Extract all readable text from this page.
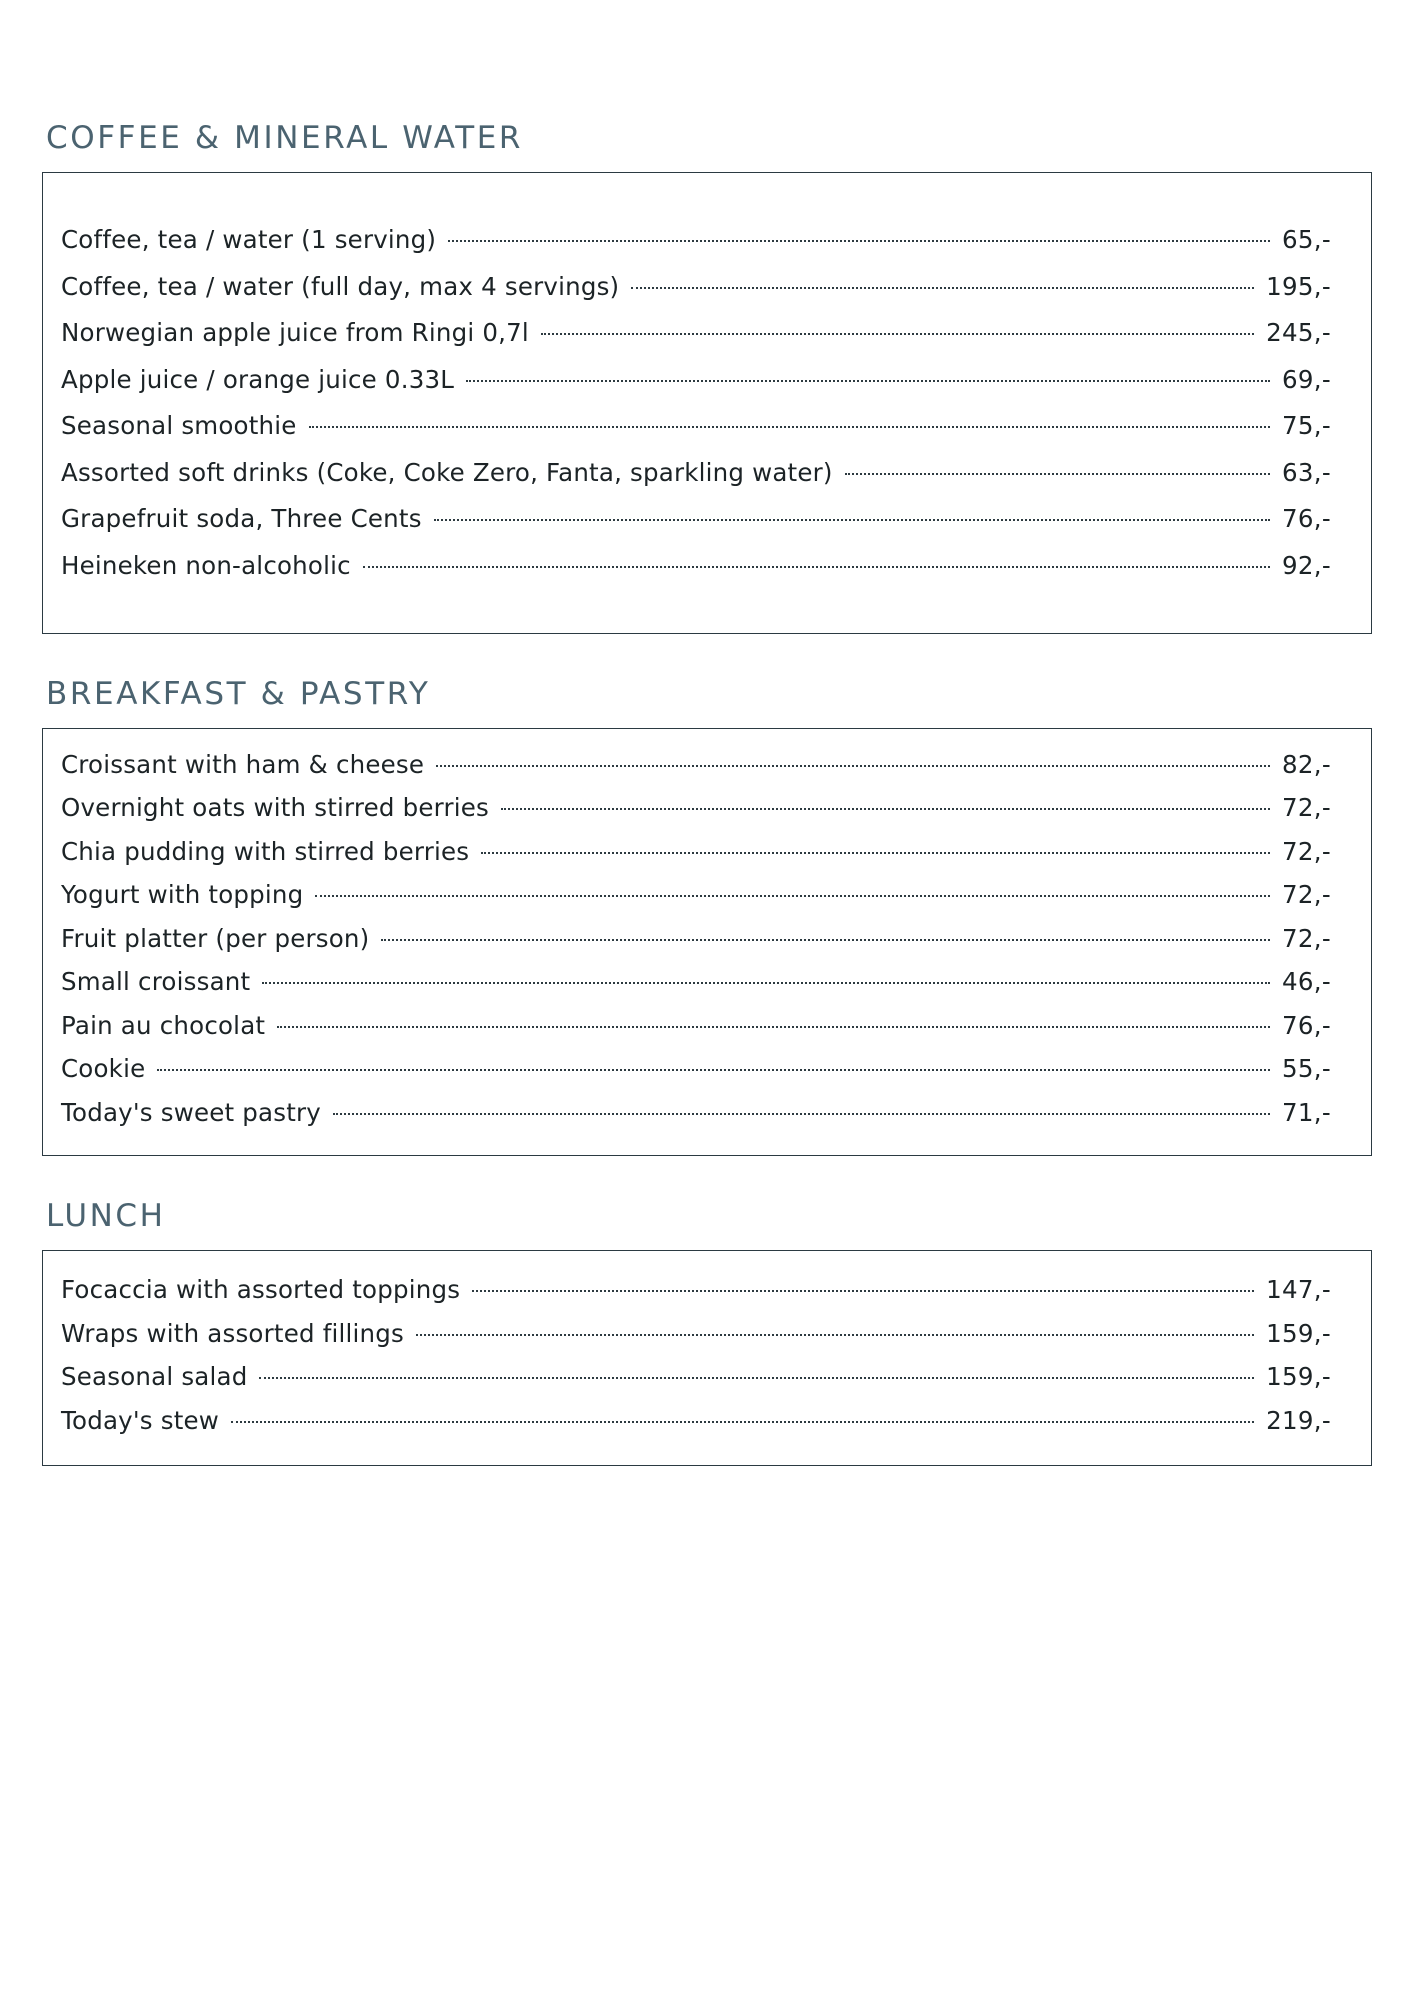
COFFEE & MINERAL WATER
Coffee, tea / water (1 serving)	65,-
Coffee, tea / water (full day, max 4 servings)	195,-
Norwegian apple juice from Ringi 0,7l	245,-
Apple juice / orange juice 0.33L	69,-
Seasonal smoothie	75,-
Assorted soft drinks (Coke, Coke Zero, Fanta, sparkling water)	63,-
Grapefruit soda, Three Cents	76,-
Heineken non-alcoholic	92,-
BREAKFAST & PASTRY
Croissant with ham & cheese	82,-
Overnight oats with stirred berries	72,-
Chia pudding with stirred berries	72,-
Yogurt with topping	72,-
Fruit platter (per person)	72,-
Small croissant	46,-
Pain au chocolat	76,-
Cookie	55,-
Today's sweet pastry	71,-
LUNCH
Focaccia with assorted toppings	147,-
Wraps with assorted fillings	159,-
Seasonal salad	159,-
Today's stew	219,-
